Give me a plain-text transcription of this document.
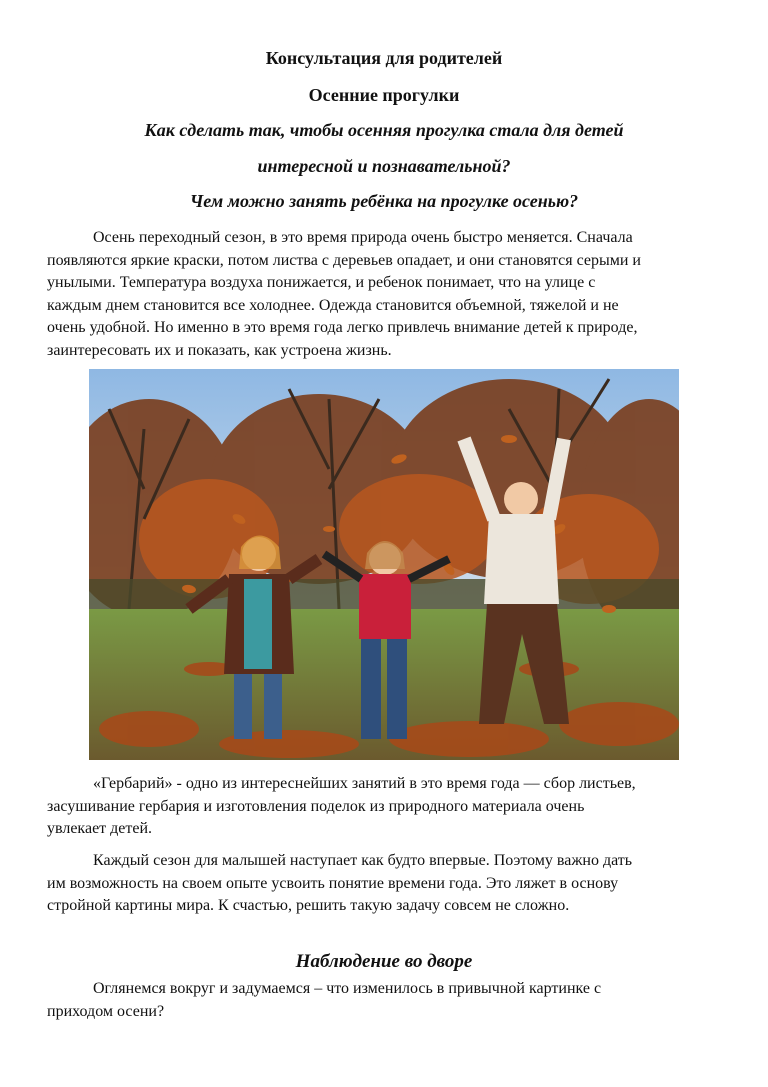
Консультация для родителей
Осенние прогулки
Как сделать так, чтобы осенняя прогулка стала для детей
интересной и познавательной?
Чем можно занять ребёнка на прогулке осенью?
Осень переходный сезон, в это время природа очень быстро меняется. Сначала
появляются яркие краски, потом листва с деревьев опадает, и они становятся серыми и
унылыми. Температура воздуха понижается, и ребенок понимает, что на улице с
каждым днем становится все холоднее. Одежда становится объемной, тяжелой и не
очень удобной. Но именно в это время года легко привлечь внимание детей к природе,
заинтересовать их и показать, как устроена жизнь.
«Гербарий» - одно из интереснейших занятий в это время года — сбор листьев,
засушивание гербария и изготовления поделок из природного материала очень
увлекает детей.
Каждый сезон для малышей наступает как будто впервые. Поэтому важно дать
им возможность на своем опыте усвоить понятие времени года. Это ляжет в основу
стройной картины мира. К счастью, решить такую задачу совсем не сложно.
Наблюдение во дворе
Оглянемся вокруг и задумаемся – что изменилось в привычной картинке с
приходом осени?
